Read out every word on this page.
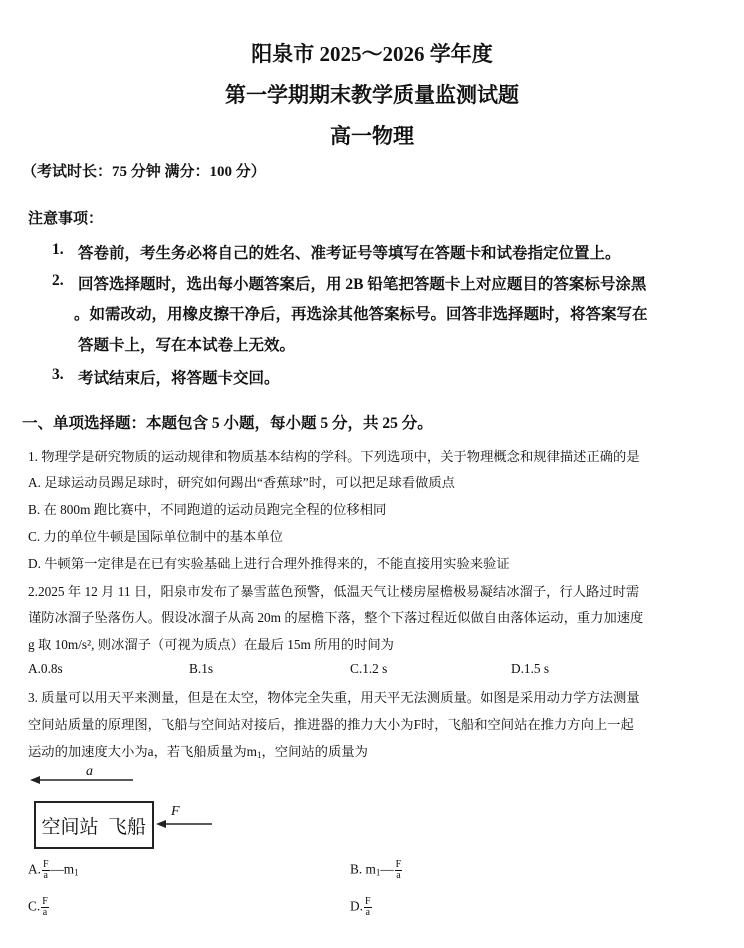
阳泉市 2025～2026 学年度
第一学期期末教学质量监测试题
高一物理
（考试时长：75 分钟 满分：100 分）
注意事项：
1. 答卷前，考生务必将自己的姓名、准考证号等填写在答题卡和试卷指定位置上。
2. 回答选择题时，选出每小题答案后，用 2B 铅笔把答题卡上对应题目的答案标号涂黑
。如需改动，用橡皮擦干净后，再选涂其他答案标号。回答非选择题时，将答案写在
答题卡上，写在本试卷上无效。
3. 考试结束后，将答题卡交回。
一、单项选择题：本题包含 5 小题，每小题 5 分，共 25 分。
1. 物理学是研究物质的运动规律和物质基本结构的学科。下列选项中，关于物理概念和规律描述正确的是
A. 足球运动员踢足球时，研究如何踢出“香蕉球”时，可以把足球看做质点
B. 在 800m 跑比赛中，不同跑道的运动员跑完全程的位移相同
C. 力的单位牛顿是国际单位制中的基本单位
D. 牛顿第一定律是在已有实验基础上进行合理外推得来的，不能直接用实验来验证
2.2025 年 12 月 11 日，阳泉市发布了暴雪蓝色预警，低温天气让楼房屋檐极易凝结冰溜子，行人路过时需
谨防冰溜子坠落伤人。假设冰溜子从高 20m 的屋檐下落，整个下落过程近似做自由落体运动，重力加速度
g 取 10m/s², 则冰溜子（可视为质点）在最后 15m 所用的时间为
A.0.8s	B.1s	C.1.2 s	D.1.5 s
3. 质量可以用天平来测量，但是在太空，物体完全失重，用天平无法测质量。如图是采用动力学方法测量
空间站质量的原理图，飞船与空间站对接后，推进器的推力大小为F时，飞船和空间站在推力方向上一起
运动的加速度大小为a，若飞船质量为$m_1$，空间站的质量为
a
空间站 飞船
F
A. $\frac{F}{a}$ $—m_1$	B. $m_1— \frac{F}{a}$
C. $\frac{F}{a}$	D. $\frac{F}{a}$
